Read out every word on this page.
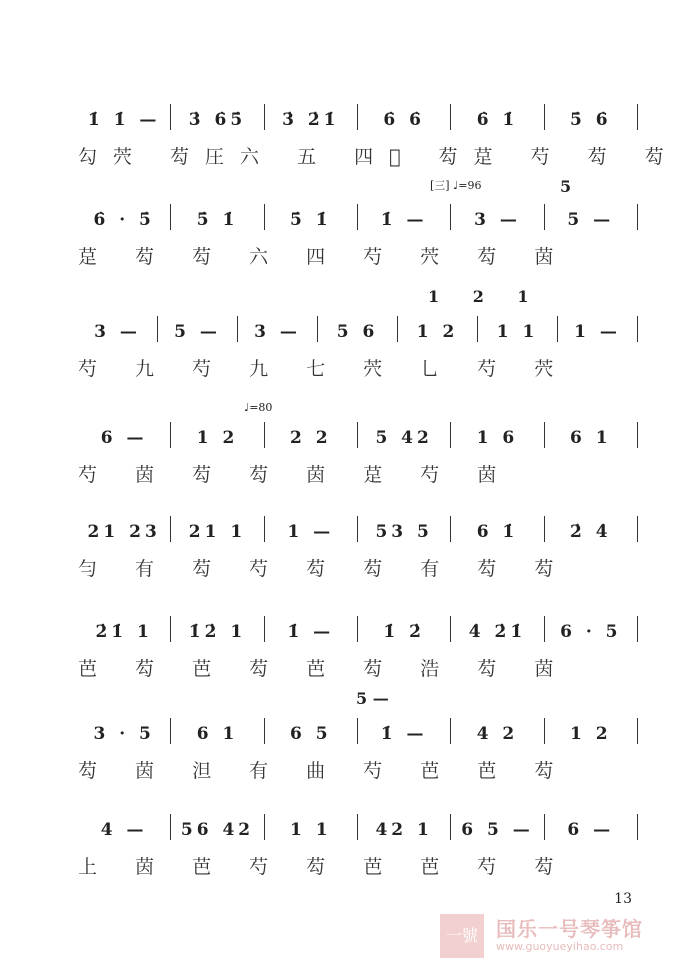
1̇ 1̇ — 3̇ 6̇5̇ 3̇ 2̇1̇	6̇ 6̇	6̇ 1̇	5̇ 6̇
勾茓 芶圧六 五 四𢀳 芶莡 芍 芶 芶
6̇ · 5̇ 5̇ 1̇	5̇ 1̇	1̇ —	3 —	5 —
莡 芶 芶 六 四 芍 茓 芶 茵
3 — 5 — 3 — 5 6 1 2 1 1 1 —
芍 九 芍 九 七 茓 乚 芍 茓
6 —	1 2	2 2	5 42	1 6	6 1
芍 茵 芶 芶 茵 莡 芍 茵
21 23 21 1 1 — 53 5	6 1̇	2̇ 4̇
勻 有 芶 芍 芶 芶 有 芶 芶
2̇1̇ 1 1̇2̇ 1 1̇ —	1̇ 2̇	4̇ 2̇1̇ 6 · 5
芭 芶 芭 芶 芭 芶 浩 芶 茵
3 · 5 6 1	6 5	1̇ —	4 2	1 2
芶 茵 泹 有 曲 芍 芭 芭 芶
4 — 56 42 1 1	42 1 6 5 — 6 —
上 茵 芭 芍 芶 芭 芭 芍 芶
[三] ♩=96	5
1 2 1
♩=80
5 —
一號 国乐一号琴筝馆
www.guoyueyihao.com
13
